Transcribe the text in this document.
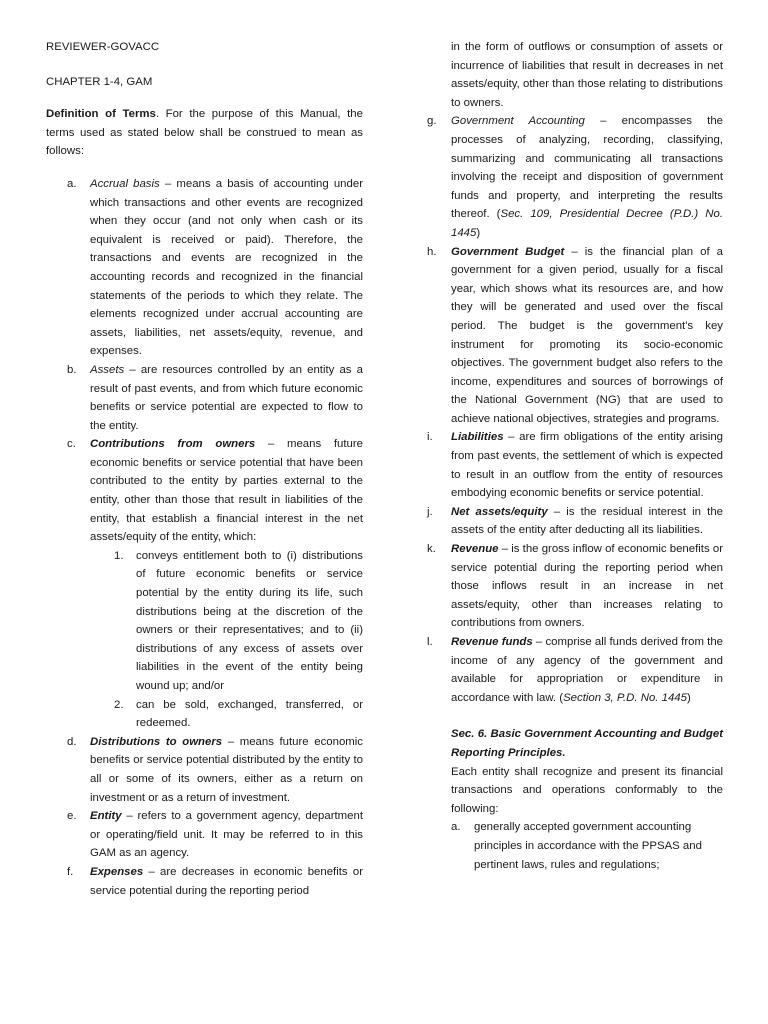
REVIEWER-GOVACC

CHAPTER 1-4, GAM

Definition of Terms. For the purpose of this Manual, the terms used as stated below shall be construed to mean as follows:

a.	Accrual basis – means a basis of accounting under which transactions and other events are recognized when they occur (and not only when cash or its equivalent is received or paid). Therefore, the transactions and events are recognized in the accounting records and recognized in the financial statements of the periods to which they relate. The elements recognized under accrual accounting are assets, liabilities, net assets/equity, revenue, and expenses.

b.	Assets – are resources controlled by an entity as a result of past events, and from which future economic benefits or service potential are expected to flow to the entity.

c.	Contributions from owners – means future economic benefits or service potential that have been contributed to the entity by parties external to the entity, other than those that result in liabilities of the entity, that establish a financial interest in the net assets/equity of the entity, which:

1.	conveys entitlement both to (i) distributions of future economic benefits or service potential by the entity during its life, such distributions being at the discretion of the owners or their representatives; and to (ii) distributions of any excess of assets over liabilities in the event of the entity being wound up; and/or

2.	can be sold, exchanged, transferred, or redeemed.

d.	Distributions to owners – means future economic benefits or service potential distributed by the entity to all or some of its owners, either as a return on investment or as a return of investment.

e.	Entity – refers to a government agency, department or operating/field unit. It may be referred to in this GAM as an agency.

f.	Expenses – are decreases in economic benefits or service potential during the reporting period

in the form of outflows or consumption of assets or incurrence of liabilities that result in decreases in net assets/equity, other than those relating to distributions to owners.

g.	Government Accounting – encompasses the processes of analyzing, recording, classifying, summarizing and communicating all transactions involving the receipt and disposition of government funds and property, and interpreting the results thereof. (Sec. 109, Presidential Decree (P.D.) No. 1445)

h.	Government Budget – is the financial plan of a government for a given period, usually for a fiscal year, which shows what its resources are, and how they will be generated and used over the fiscal period. The budget is the government's key instrument for promoting its socio-economic objectives. The government budget also refers to the income, expenditures and sources of borrowings of the National Government (NG) that are used to achieve national objectives, strategies and programs.

i.	Liabilities – are firm obligations of the entity arising from past events, the settlement of which is expected to result in an outflow from the entity of resources embodying economic benefits or service potential.

j.	Net assets/equity – is the residual interest in the assets of the entity after deducting all its liabilities.

k.	Revenue – is the gross inflow of economic benefits or service potential during the reporting period when those inflows result in an increase in net assets/equity, other than increases relating to contributions from owners.

l.	Revenue funds – comprise all funds derived from the income of any agency of the government and available for appropriation or expenditure in accordance with law. (Section 3, P.D. No. 1445)

Sec. 6. Basic Government Accounting and Budget Reporting Principles.

Each entity shall recognize and present its financial transactions and operations conformably to the following:

a.	generally accepted government accounting principles in accordance with the PPSAS and pertinent laws, rules and regulations;
